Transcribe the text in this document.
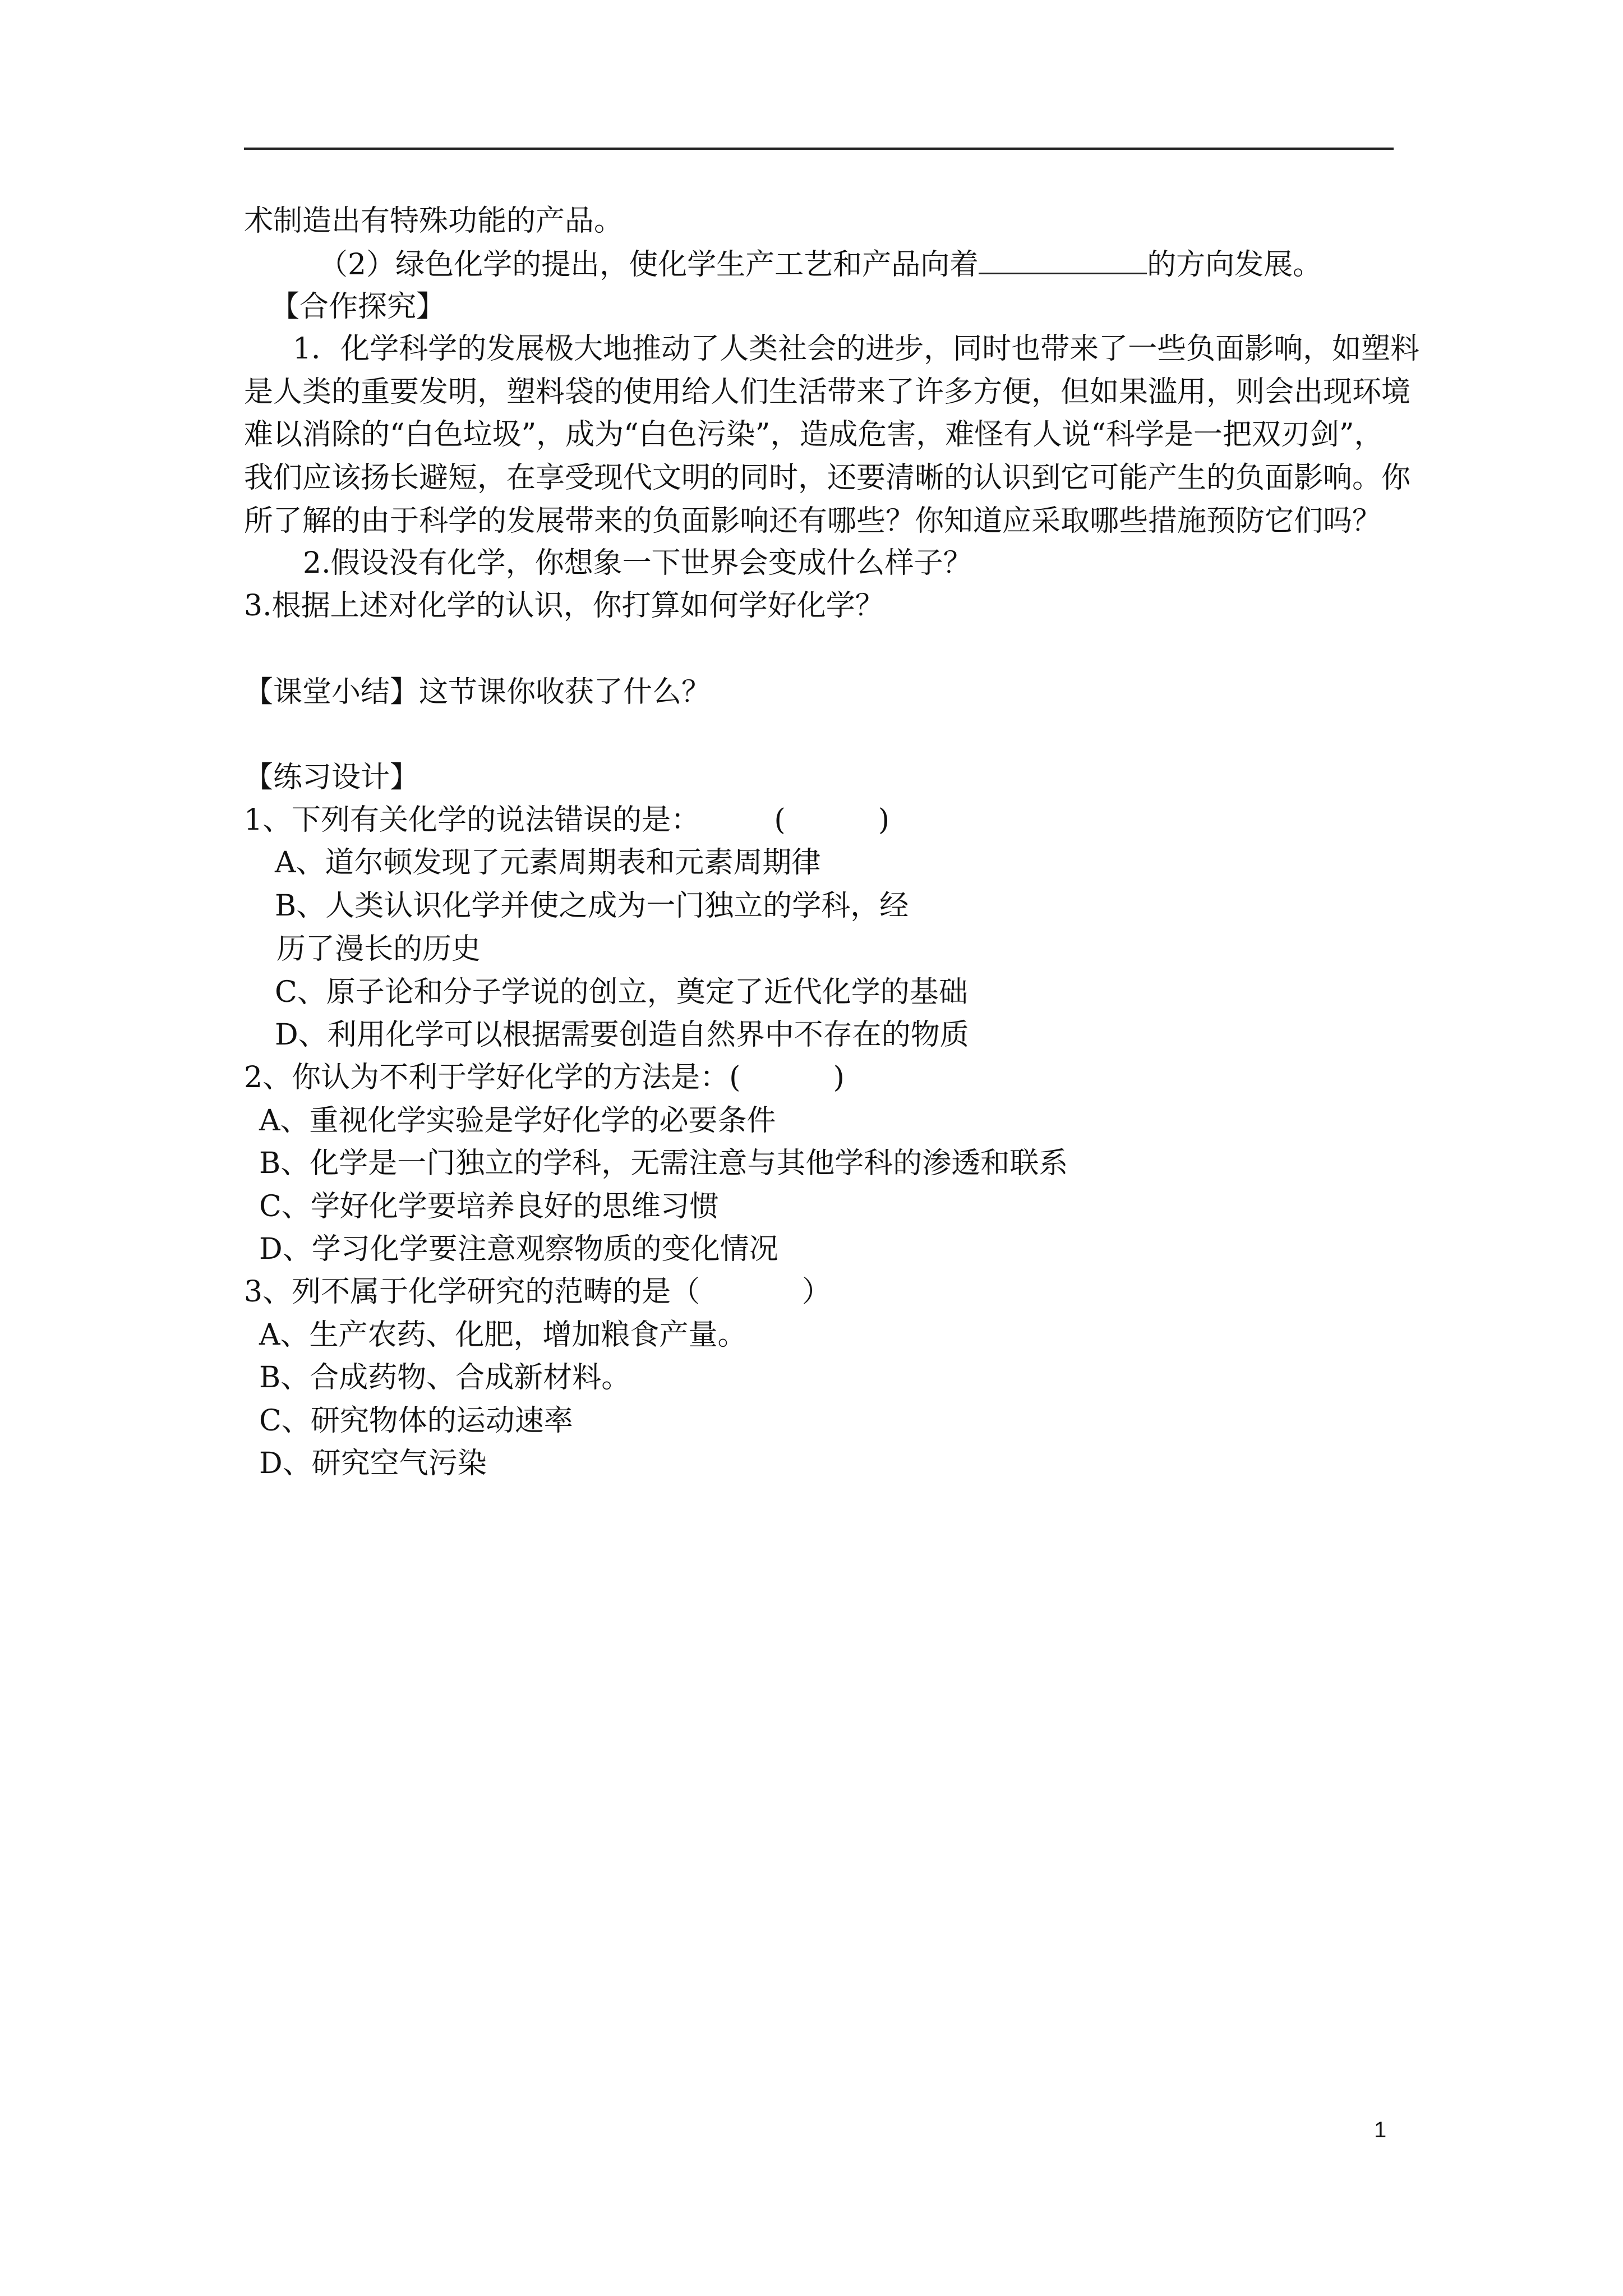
术制造出有特殊功能的产品。
（2）绿色化学的提出，使化学生产工艺和产品向着	的方向发展。
【合作探究】
1．化学科学的发展极大地推动了人类社会的进步，同时也带来了一些负面影响，如塑料
是人类的重要发明，塑料袋的使用给人们生活带来了许多方便，但如果滥用，则会出现环境
难以消除的“白色垃圾”，成为“白色污染”，造成危害，难怪有人说“科学是一把双刃剑”，
我们应该扬长避短，在享受现代文明的同时，还要清晰的认识到它可能产生的负面影响。你
所了解的由于科学的发展带来的负面影响还有哪些？你知道应采取哪些措施预防它们吗？
2.假设没有化学，你想象一下世界会变成什么样子？
3.根据上述对化学的认识，你打算如何学好化学？
【课堂小结】这节课你收获了什么？
【练习设计】
1、下列有关化学的说法错误的是：        (          )
A、道尔顿发现了元素周期表和元素周期律
B、人类认识化学并使之成为一门独立的学科，经
历了漫长的历史
C、原子论和分子学说的创立，奠定了近代化学的基础
D、利用化学可以根据需要创造自然界中不存在的物质
2、你认为不利于学好化学的方法是：(          )
A、重视化学实验是学好化学的必要条件
B、化学是一门独立的学科，无需注意与其他学科的渗透和联系
C、学好化学要培养良好的思维习惯
D、学习化学要注意观察物质的变化情况
3、列不属于化学研究的范畴的是（           ）
A、生产农药、化肥，增加粮食产量。
B、合成药物、合成新材料。
C、研究物体的运动速率
D、研究空气污染
1
